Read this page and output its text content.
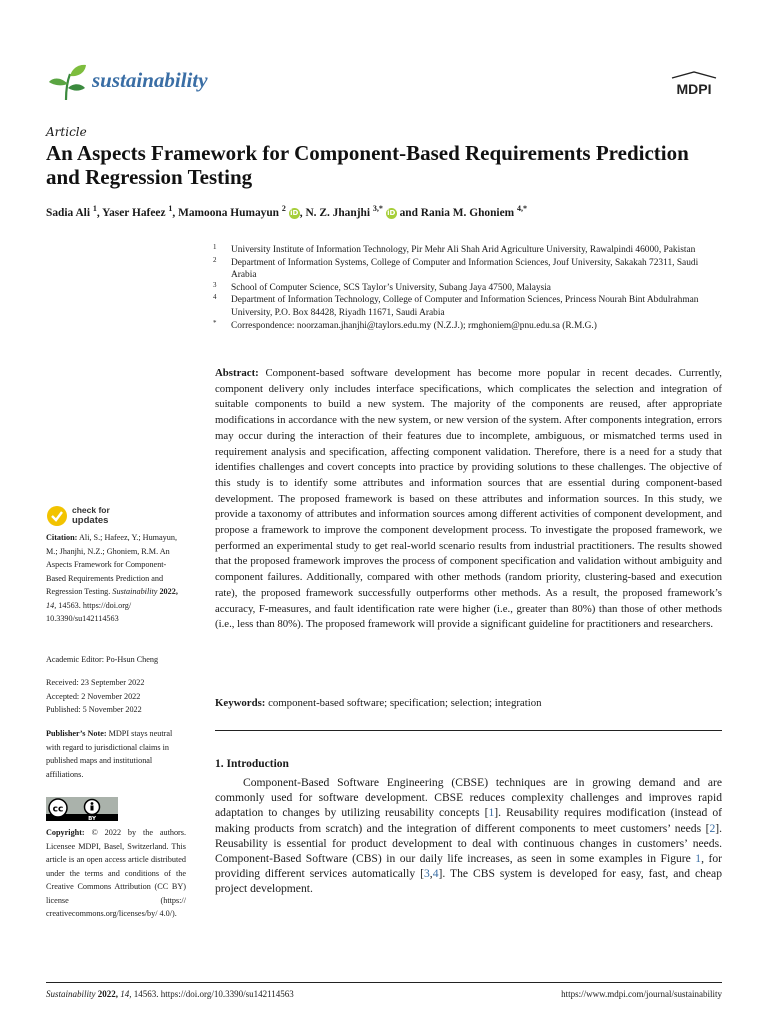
sustainability	MDPI
Article
An Aspects Framework for Component-Based Requirements Prediction and Regression Testing
Sadia Ali $^1$, Yaser Hafeez $^1$, Mamoona Humayun $^2$ iD, N. Z. Jhanjhi $^{3,*}$ iD and Rania M. Ghoniem $^{4,*}$
1 University Institute of Information Technology, Pir Mehr Ali Shah Arid Agriculture University, Rawalpindi 46000, Pakistan
2 Department of Information Systems, College of Computer and Information Sciences, Jouf University, Sakakah 72311, Saudi Arabia
3 School of Computer Science, SCS Taylor’s University, Subang Jaya 47500, Malaysia
4 Department of Information Technology, College of Computer and Information Sciences, Princess Nourah Bint Abdulrahman University, P.O. Box 84428, Riyadh 11671, Saudi Arabia
* Correspondence: noorzaman.jhanjhi@taylors.edu.my (N.Z.J.); rmghoniem@pnu.edu.sa (R.M.G.)
Abstract: Component-based software development has become more popular in recent decades. Currently, component delivery only includes interface specifications, which complicates the selection and integration of suitable components to build a new system. The majority of the components are reused, after appropriate modifications in accordance with the new system, or new version of the system. After components integration, errors may occur during the interaction of their features due to incomplete, ambiguous, or mismatched terms used in requirement analysis and specification, affecting component validation. Therefore, there is a need for a study that identifies challenges and covert concepts into practice by providing solutions to these challenges. The objective of this study is to identify some attributes and information sources that are essential during component-based development. The proposed framework is based on these attributes and information sources. In this study, we provide a taxonomy of attributes and information sources among different activities of component development, and propose a framework to improve the component development process. To investigate the proposed framework, we performed an experimental study to get real-world scenario results from industrial practitioners. The results showed that the proposed framework improves the process of component specification and validation without ambiguity and component failures. Additionally, compared with other methods (random priority, clustering-based and execution rate), the proposed framework successfully outperforms other methods. As a result, the proposed framework’s accuracy, F-measures, and fault identification rate were higher (i.e., greater than 80%) than those of other methods (i.e., less than 80%). The proposed framework will provide a significant guideline for practitioners and researchers.
Keywords: component-based software; specification; selection; integration
check for
updates
Citation: Ali, S.; Hafeez, Y.; Humayun, M.; Jhanjhi, N.Z.; Ghoniem, R.M. An Aspects Framework for Component-Based Requirements Prediction and Regression Testing. Sustainability 2022, 14, 14563. https://doi.org/ 10.3390/su142114563
Academic Editor: Po-Hsun Cheng
Received: 23 September 2022
Accepted: 2 November 2022
Published: 5 November 2022
Publisher’s Note: MDPI stays neutral with regard to jurisdictional claims in published maps and institutional affiliations.
cc
BY
Copyright: © 2022 by the authors. Licensee MDPI, Basel, Switzerland. This article is an open access article distributed under the terms and conditions of the Creative Commons Attribution (CC BY) license (https:// creativecommons.org/licenses/by/ 4.0/).
1. Introduction
Component-Based Software Engineering (CBSE) techniques are in growing demand and are commonly used for software development. CBSE reduces complexity challenges and improves rapid adaptation to changes by utilizing reusability concepts [1]. Reusability requires modification (instead of making products from scratch) and the integration of different components to meet customers’ needs [2]. Reusability is essential for product development to deal with continuous changes in customers’ needs. Component-Based Software (CBS) in our daily life increases, as seen in some examples in Figure 1, for providing different services automatically [3,4]. The CBS system is developed for easy, fast, and cheap project development.
Sustainability 2022, 14, 14563. https://doi.org/10.3390/su142114563	https://www.mdpi.com/journal/sustainability
